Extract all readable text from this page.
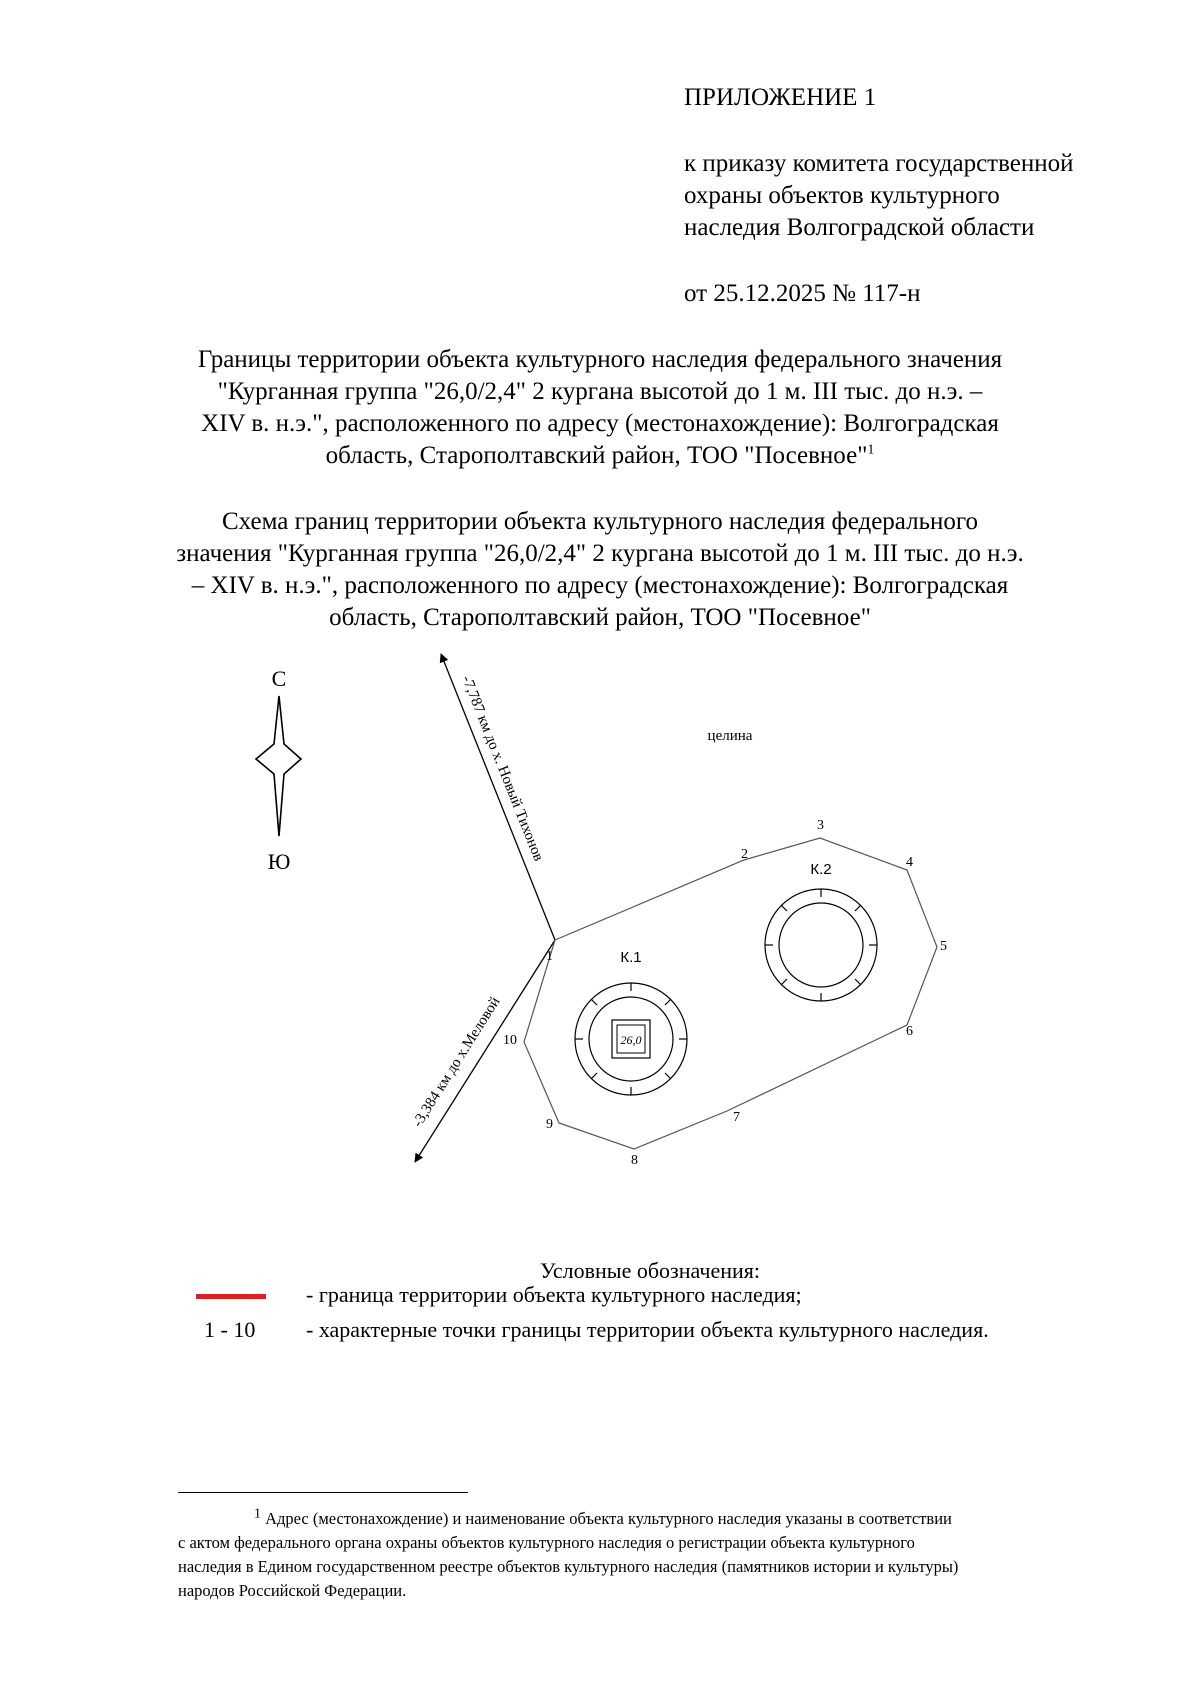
ПРИЛОЖЕНИЕ 1
к приказу комитета государственной
охраны объектов культурного
наследия Волгоградской области
от 25.12.2025 № 117-н
Границы территории объекта культурного наследия федерального значения
"Курганная группа "26,0/2,4" 2 кургана высотой до 1 м. III тыс. до н.э. –
XIV в. н.э.", расположенного по адресу (местонахождение): Волгоградская
область, Старополтавский район, ТОО "Посевное"$^1$
Схема границ территории объекта культурного наследия федерального
значения "Курганная группа "26,0/2,4" 2 кургана высотой до 1 м. III тыс. до н.э.
– XIV в. н.э.", расположенного по адресу (местонахождение): Волгоградская
область, Старополтавский район, ТОО "Посевное"
С
Ю
целина
-7,787 км до х. Новый Тихонов
-3,384 км до х.Меловой
1
2
3
4
5
6
7
8
9
10	26,0
К.1
К.2
Условные обозначения:
- граница территории объекта культурного наследия;
1 - 10 - характерные точки границы территории объекта культурного наследия.

$^1$ Адрес (местонахождение) и наименование объекта культурного наследия указаны в соответствии

с актом федерального органа охраны объектов культурного наследия о регистрации объекта культурного

наследия в Едином государственном реестре объектов культурного наследия (памятников истории и культуры)

народов Российской Федерации.
